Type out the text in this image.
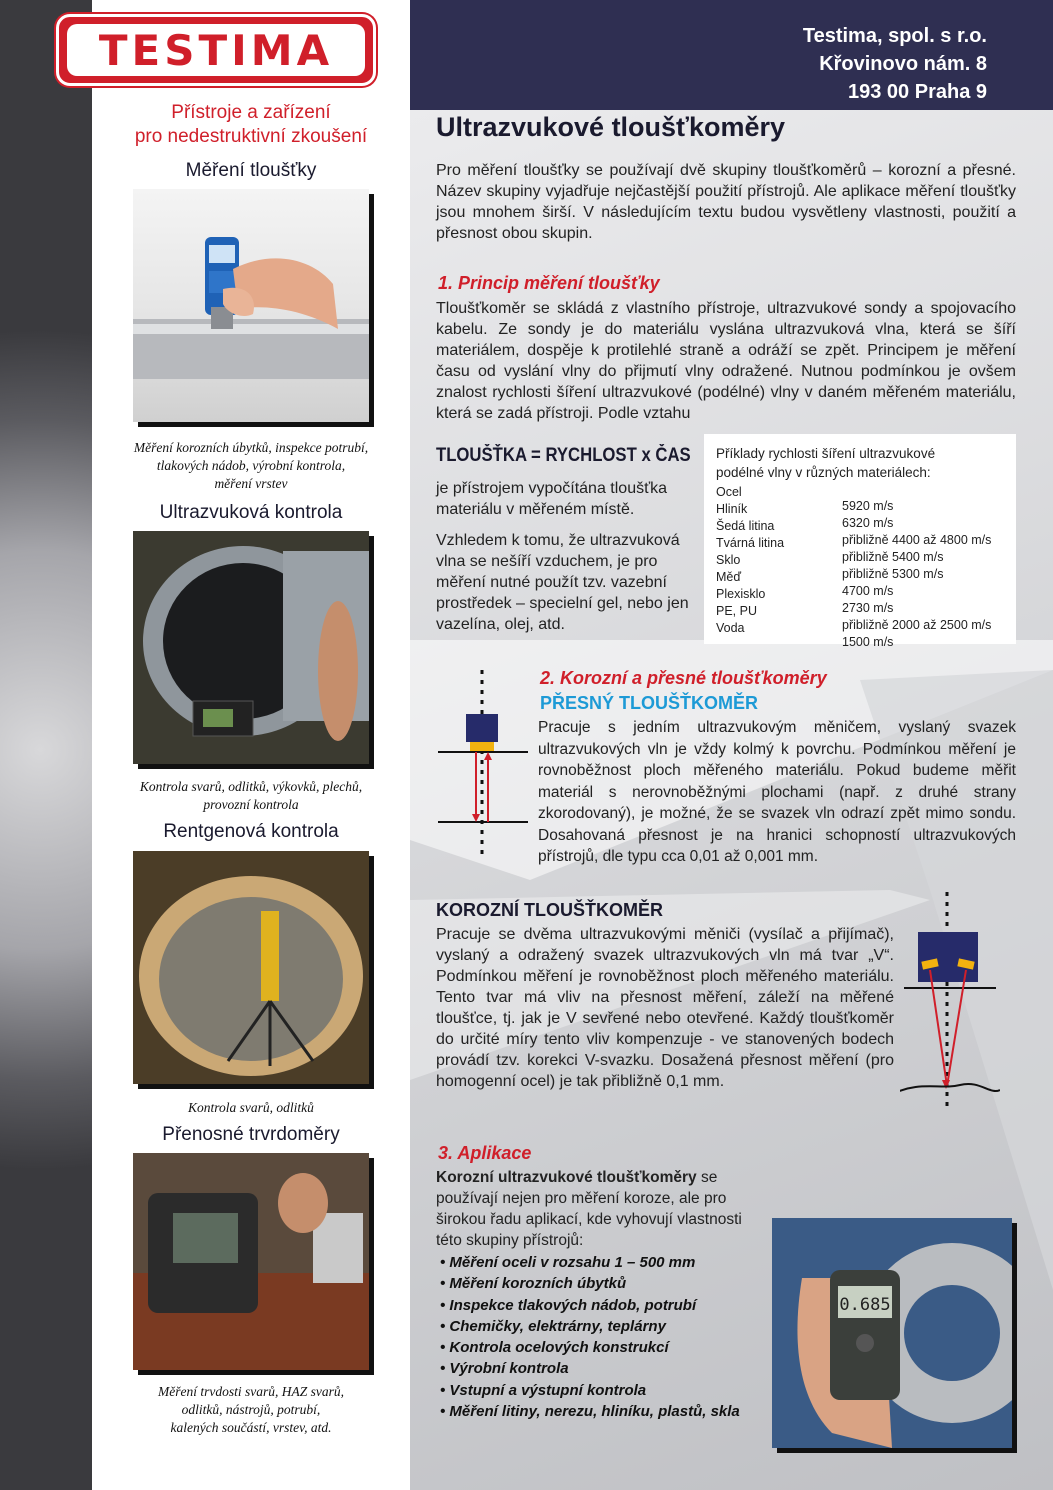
TESTIMA ®
Přístroje a zařízení
pro nedestruktivní zkoušení
Měření tloušťky
Měření korozních úbytků, inspekce potrubí,
tlakových nádob, výrobní kontrola,
měření vrstev
Ultrazvuková kontrola
Kontrola svarů, odlitků, výkovků, plechů,
provozní kontrola
Rentgenová kontrola
Kontrola svarů, odlitků
Přenosné trvrdoměry
Měření trvdosti svarů, HAZ svarů,
odlitků, nástrojů, potrubí,
kalených součástí, vrstev, atd.
Testima, spol. s r.o.
Křovinovo nám. 8
193 00 Praha 9
Ultrazvukové tloušťkoměry
Pro měření tloušťky se používají dvě skupiny tloušťkoměrů – korozní a přesné. Název skupiny vyjadřuje nejčastější použití přístrojů. Ale aplikace měření tloušťky jsou mnohem širší. V následujícím textu budou vysvětleny vlastnosti, použití a přesnost obou skupin.
1. Princip měření tloušťky
Tloušťkoměr se skládá z vlastního přístroje, ultrazvukové sondy a spojovacího kabelu. Ze sondy je do materiálu vyslána ultrazvuková vlna, která se šíří materiálem, dospěje k protilehlé straně a odráží se zpět. Principem je měření času od vyslání vlny do přijmutí vlny odražené. Nutnou podmínkou je ovšem znalost rychlosti šíření ultrazvukové (podélné) vlny v daném měřeném materiálu, která se zadá přístroji. Podle vztahu
TLOUŠŤKA = RYCHLOST x ČAS
je přístrojem vypočítána tloušťka materiálu v měřeném místě.
Vzhledem k tomu, že ultrazvuková vlna se nešíří vzduchem, je pro měření nutné použít tzv. vazební prostředek – specielní gel, nebo jen vazelína, olej, atd.
Příklady rychlosti šíření ultrazvukové
podélné vlny v různých materiálech:
Ocel
5920 m/s
Hliník
6320 m/s
Šedá litina
přibližně 4400 až 4800 m/s
Tvárná litina
přibližně 5400 m/s
Sklo
přibližně 5300 m/s
Měď
4700 m/s
Plexisklo
2730 m/s
PE, PU
přibližně 2000 až 2500 m/s
Voda
1500 m/s
2. Korozní a přesné tloušťkoměry
PŘESNÝ TLOUŠŤKOMĚR
Pracuje s jedním ultrazvukovým měničem, vyslaný svazek ultrazvukových vln je vždy kolmý k povrchu. Podmínkou měření je rovnoběžnost ploch měřeného materiálu. Pokud budeme měřit materiál s nerovnoběžnými plochami (např. z druhé strany zkorodovaný), je možné, že se svazek vln odrazí zpět mimo sondu. Dosahovaná přesnost je na hranici schopností ultrazvukových přístrojů, dle typu cca 0,01 až 0,001 mm.
KOROZNÍ TLOUŠŤKOMĚR
Pracuje se dvěma ultrazvukovými měniči (vysílač a přijímač), vyslaný a odražený svazek ultrazvukových vln má tvar „V“. Podmínkou měření je rovnoběžnost ploch měřeného materiálu. Tento tvar má vliv na přesnost měření, záleží na měřené tloušťce, tj. jak je V sevřené nebo otevřené. Každý tloušťkoměr do určité míry tento vliv kompenzuje - ve stanovených bodech provádí tzv. korekci V-svazku. Dosažená přesnost měření (pro homogenní ocel) je tak přibližně 0,1 mm.
3. Aplikace
Korozní ultrazvukové tloušťkoměry se používají nejen pro měření koroze, ale pro širokou řadu aplikací, kde vyhovují vlastnosti této skupiny přístrojů:
• Měření oceli v rozsahu 1 – 500 mm
• Měření korozních úbytků
• Inspekce tlakových nádob, potrubí
• Chemičky, elektrárny, teplárny
• Kontrola ocelových konstrukcí
• Výrobní kontrola
• Vstupní a výstupní kontrola
• Měření litiny, nerezu, hliníku, plastů, skla
0.685
